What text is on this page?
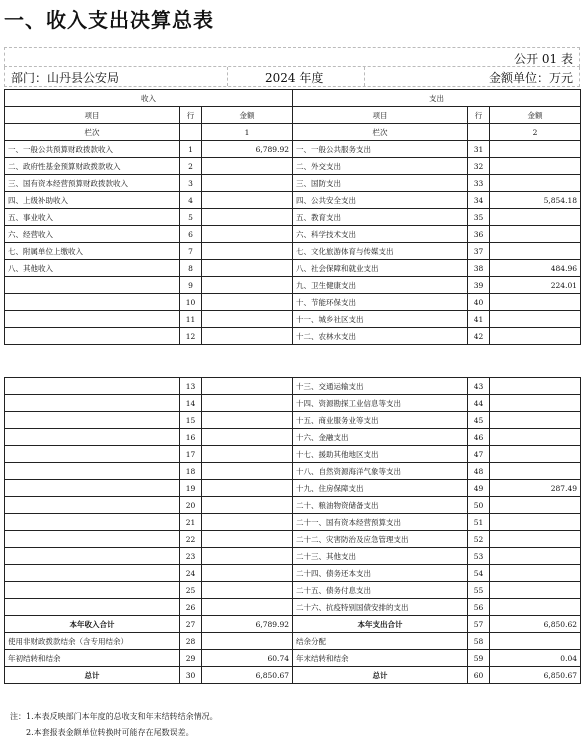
一、收入支出决算总表
公开 01 表
部门：山丹县公安局	2024 年度	金额单位：万元
收入			支出		
项目	行	金额	项目	行	金额
栏次		1	栏次		2
一、一般公共预算财政拨款收入	1	6,789.92	一、一般公共服务支出	31	
二、政府性基金预算财政拨款收入	2		二、外交支出	32	
三、国有资本经营预算财政拨款收入	3		三、国防支出	33	
四、上级补助收入	4		四、公共安全支出	34	5,854.18
五、事业收入	5		五、教育支出	35	
六、经营收入	6		六、科学技术支出	36	
七、附属单位上缴收入	7		七、文化旅游体育与传媒支出	37	
八、其他收入	8		八、社会保障和就业支出	38	484.96
	9		九、卫生健康支出	39	224.01
	10		十、节能环保支出	40	
	11		十一、城乡社区支出	41	
	12		十二、农林水支出	42	
	13		十三、交通运输支出	43	
	14		十四、资源勘探工业信息等支出	44	
	15		十五、商业服务业等支出	45	
	16		十六、金融支出	46	
	17		十七、援助其他地区支出	47	
	18		十八、自然资源海洋气象等支出	48	
	19		十九、住房保障支出	49	287.49
	20		二十、粮油物资储备支出	50	
	21		二十一、国有资本经营预算支出	51	
	22		二十二、灾害防治及应急管理支出	52	
	23		二十三、其他支出	53	
	24		二十四、债务还本支出	54	
	25		二十五、债务付息支出	55	
	26		二十六、抗疫特别国债安排的支出	56	
本年收入合计	27	6,789.92	本年支出合计	57	6,850.62
使用非财政拨款结余（含专用结余）	28		结余分配	58	
年初结转和结余	29	60.74	年末结转和结余	59	0.04
总计	30	6,850.67	总计	60	6,850.67
注：1.本表反映部门本年度的总收支和年末结转结余情况。
2.本套报表金额单位转换时可能存在尾数误差。
